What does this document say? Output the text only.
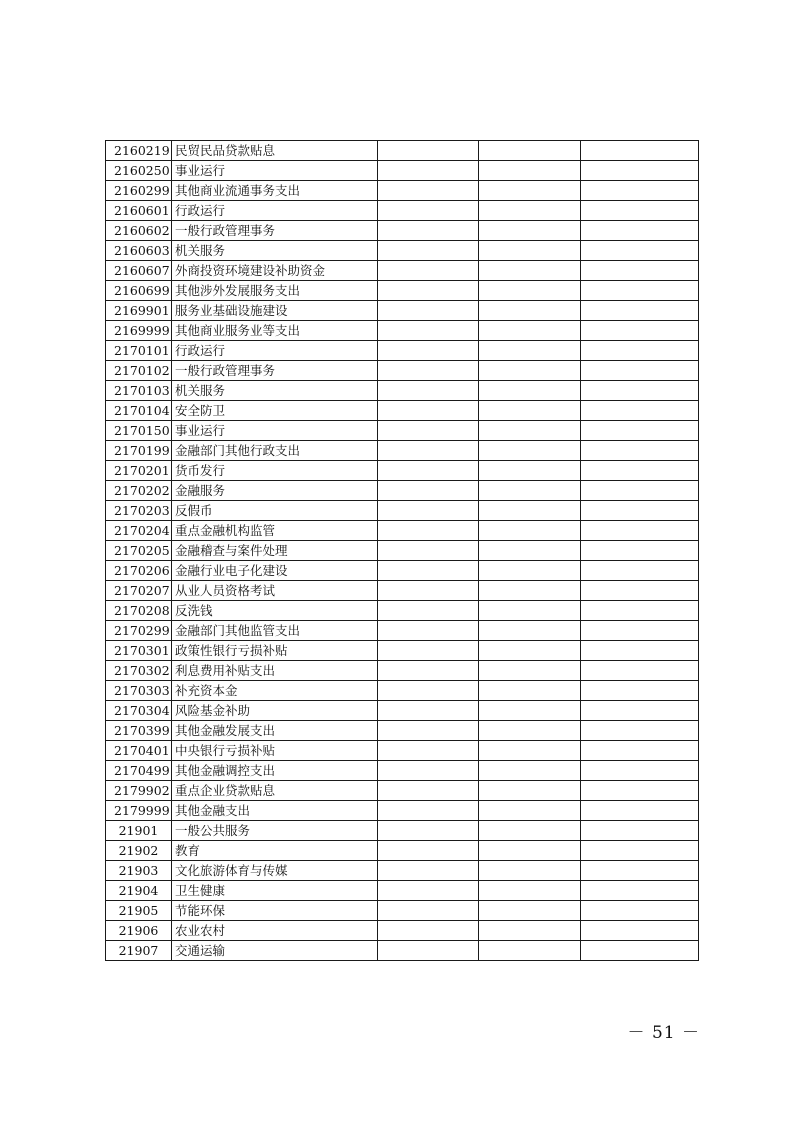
2160219	民贸民品贷款贴息			
2160250	事业运行			
2160299	其他商业流通事务支出			
2160601	行政运行			
2160602	一般行政管理事务			
2160603	机关服务			
2160607	外商投资环境建设补助资金			
2160699	其他涉外发展服务支出			
2169901	服务业基础设施建设			
2169999	其他商业服务业等支出			
2170101	行政运行			
2170102	一般行政管理事务			
2170103	机关服务			
2170104	安全防卫			
2170150	事业运行			
2170199	金融部门其他行政支出			
2170201	货币发行			
2170202	金融服务			
2170203	反假币			
2170204	重点金融机构监管			
2170205	金融稽查与案件处理			
2170206	金融行业电子化建设			
2170207	从业人员资格考试			
2170208	反洗钱			
2170299	金融部门其他监管支出			
2170301	政策性银行亏损补贴			
2170302	利息费用补贴支出			
2170303	补充资本金			
2170304	风险基金补助			
2170399	其他金融发展支出			
2170401	中央银行亏损补贴			
2170499	其他金融调控支出			
2179902	重点企业贷款贴息			
2179999	其他金融支出			
21901	一般公共服务			
21902	教育			
21903	文化旅游体育与传媒			
21904	卫生健康			
21905	节能环保			
21906	农业农村			
21907	交通运输			
－ 51 －
